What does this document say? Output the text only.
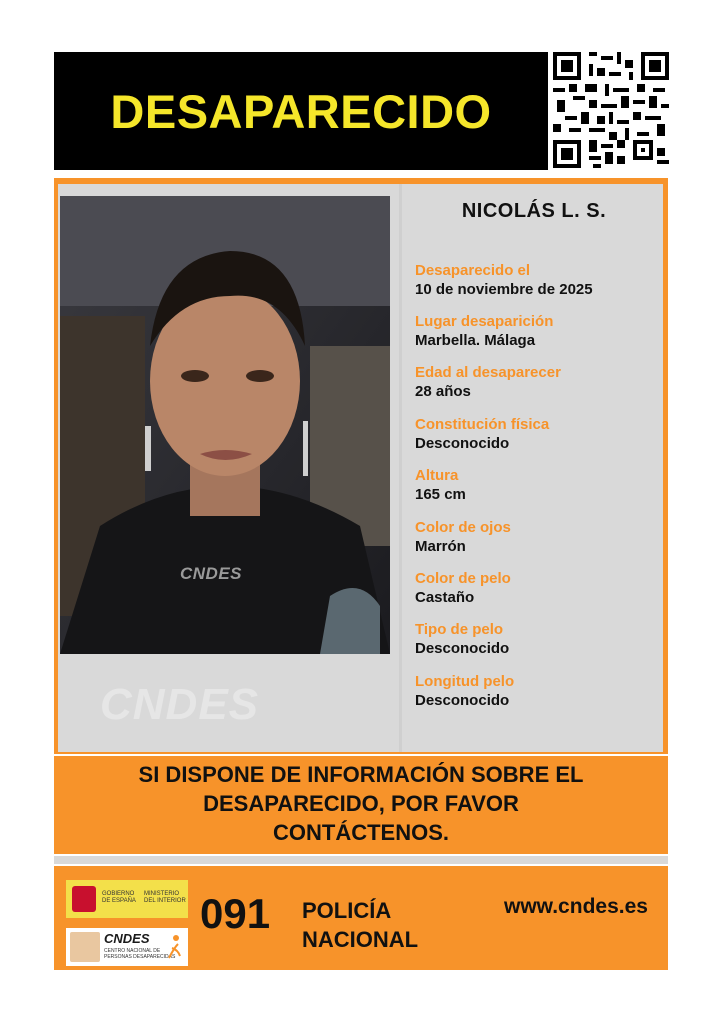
DESAPARECIDO
CNDES
NICOLÁS L. S.
Desaparecido el
10 de noviembre de 2025
Lugar desaparición
Marbella. Málaga
Edad al desaparecer
28 años
Constitución física
Desconocido
Altura
165 cm
Color de ojos
Marrón
Color de pelo
Castaño
Tipo de pelo
Desconocido
Longitud pelo
Desconocido
CNDES
SI DISPONE DE INFORMACIÓN SOBRE EL
DESAPARECIDO, POR FAVOR
CONTÁCTENOS.
GOBIERNO
DE ESPAÑA
MINISTERIO
DEL INTERIOR
CNDES
CENTRO NACIONAL DE
PERSONAS DESAPARECIDAS
091 POLICÍA
NACIONAL
www.cndes.es
